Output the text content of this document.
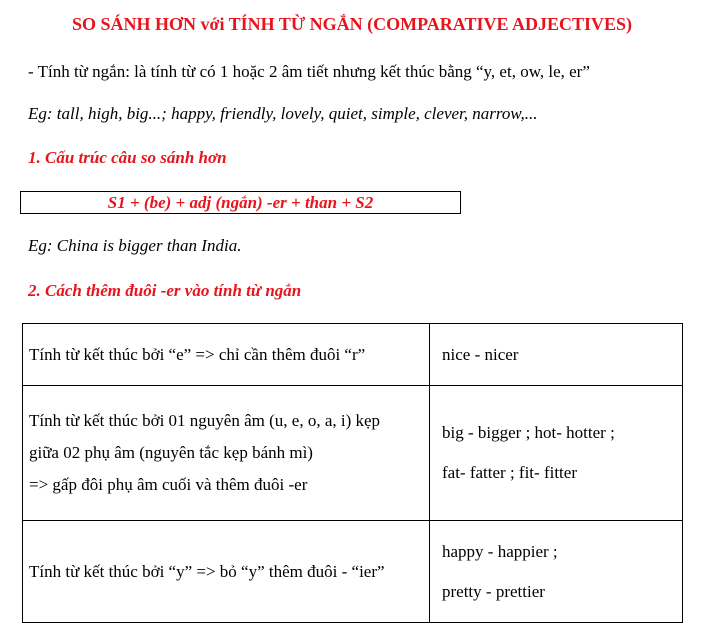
SO SÁNH HƠN với TÍNH TỪ NGẮN (COMPARATIVE ADJECTIVES)
- Tính từ ngắn: là tính từ có 1 hoặc 2 âm tiết nhưng kết thúc bằng “y, et, ow, le, er”
Eg: tall, high, big...; happy, friendly, lovely, quiet, simple, clever, narrow,...
1. Cấu trúc câu so sánh hơn
S1 + (be) + adj (ngắn) -er + than + S2
Eg: China is bigger than India.
2. Cách thêm đuôi -er vào tính từ ngắn
Tính từ kết thúc bởi “e” => chỉ cần thêm đuôi “r”	nice - nicer

Tính từ kết thúc bởi 01 nguyên âm (u, e, o, a, i) kẹp
giữa 02 phụ âm (nguyên tắc kẹp bánh mì)
=> gấp đôi phụ âm cuối và thêm đuôi -er	big - bigger ; hot- hotter ;
fat- fatter ; fit- fitter

Tính từ kết thúc bởi “y” => bỏ “y” thêm đuôi - “ier”	happy - happier ;
pretty - prettier
